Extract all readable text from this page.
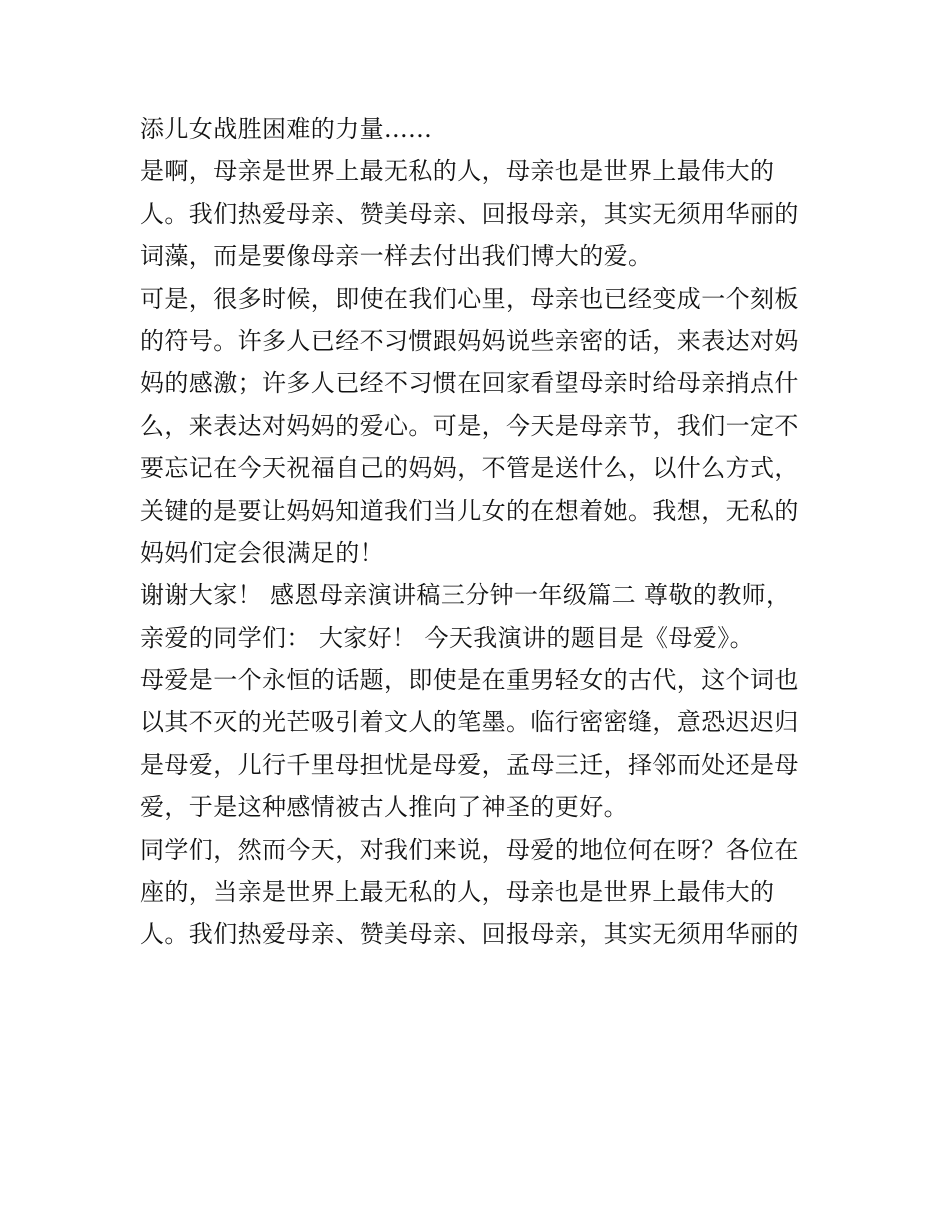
添儿女战胜困难的力量......
是啊，母亲是世界上最无私的人，母亲也是世界上最伟大的
人。我们热爱母亲、赞美母亲、回报母亲，其实无须用华丽的
词藻，而是要像母亲一样去付出我们博大的爱。
可是，很多时候，即使在我们心里，母亲也已经变成一个刻板
的符号。许多人已经不习惯跟妈妈说些亲密的话，来表达对妈
妈的感激；许多人已经不习惯在回家看望母亲时给母亲捎点什
么，来表达对妈妈的爱心。可是，今天是母亲节，我们一定不
要忘记在今天祝福自己的妈妈，不管是送什么，以什么方式，
关键的是要让妈妈知道我们当儿女的在想着她。我想，无私的
妈妈们定会很满足的！
谢谢大家！ 感恩母亲演讲稿三分钟一年级篇二 尊敬的教师，
亲爱的同学们： 大家好！ 今天我演讲的题目是《母爱》。
母爱是一个永恒的话题，即使是在重男轻女的古代，这个词也
以其不灭的光芒吸引着文人的笔墨。临行密密缝，意恐迟迟归
是母爱，儿行千里母担忧是母爱，孟母三迁，择邻而处还是母
爱，于是这种感情被古人推向了神圣的更好。
同学们，然而今天，对我们来说，母爱的地位何在呀？各位在
座的，当亲是世界上最无私的人，母亲也是世界上最伟大的
人。我们热爱母亲、赞美母亲、回报母亲，其实无须用华丽的
